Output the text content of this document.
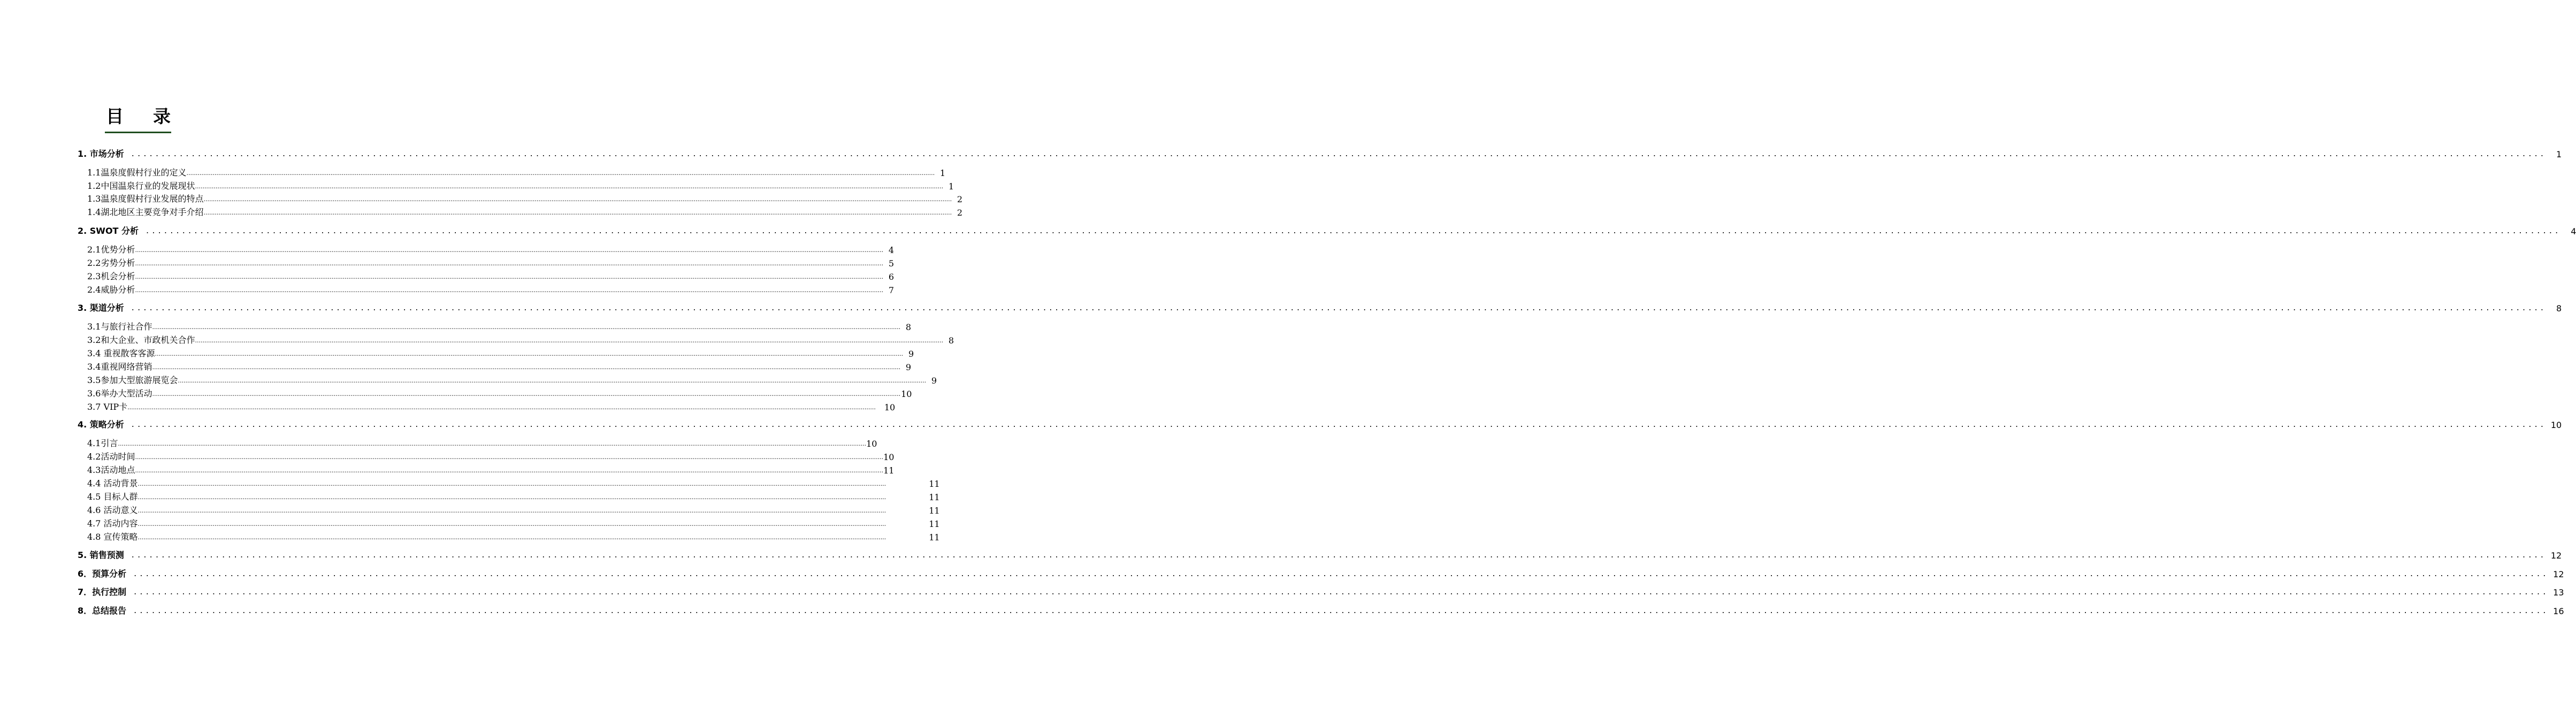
目 录
1. 市场分析 ................................................................................................................................................................................................................................................................................................................................................................................................................	1
1.1温泉度假村行业的定义 ................................................................................................................................................................................................................................................................................................................................................................................................................ 1
1.2中国温泉行业的发展现状 ................................................................................................................................................................................................................................................................................................................................................................................................................ 1
1.3温泉度假村行业发展的特点 ................................................................................................................................................................................................................................................................................................................................................................................................................ 2
1.4湖北地区主要竞争对手介绍 ................................................................................................................................................................................................................................................................................................................................................................................................................ 2
2. SWOT 分析 ................................................................................................................................................................................................................................................................................................................................................................................................................	4
2.1优势分析 ................................................................................................................................................................................................................................................................................................................................................................................................................ 4
2.2劣势分析 ................................................................................................................................................................................................................................................................................................................................................................................................................ 5
2.3机会分析 ................................................................................................................................................................................................................................................................................................................................................................................................................ 6
2.4威胁分析 ................................................................................................................................................................................................................................................................................................................................................................................................................ 7
3. 渠道分析 ................................................................................................................................................................................................................................................................................................................................................................................................................	8
3.1与旅行社合作 ................................................................................................................................................................................................................................................................................................................................................................................................................ 8
3.2和大企业、市政机关合作 ................................................................................................................................................................................................................................................................................................................................................................................................................ 8
3.4 重视散客客源 ................................................................................................................................................................................................................................................................................................................................................................................................................ 9
3.4重视网络营销 ................................................................................................................................................................................................................................................................................................................................................................................................................ 9
3.5参加大型旅游展览会 ................................................................................................................................................................................................................................................................................................................................................................................................................ 9
3.6举办大型活动 ................................................................................................................................................................................................................................................................................................................................................................................................................ 10
3.7 VIP卡 ................................................................................................................................................................................................................................................................................................................................................................................................................ 10
4. 策略分析 ................................................................................................................................................................................................................................................................................................................................................................................................................ 10
4.1引言 ................................................................................................................................................................................................................................................................................................................................................................................................................ 10
4.2活动时间 ................................................................................................................................................................................................................................................................................................................................................................................................................ 10
4.3活动地点 ................................................................................................................................................................................................................................................................................................................................................................................................................ 11
4.4 活动背景 ................................................................................................................................................................................................................................................................................................................................................................................................................	11
4.5 目标人群 ................................................................................................................................................................................................................................................................................................................................................................................................................	11
4.6 活动意义 ................................................................................................................................................................................................................................................................................................................................................................................................................	11
4.7 活动内容 ................................................................................................................................................................................................................................................................................................................................................................................................................	11
4.8 宣传策略 ................................................................................................................................................................................................................................................................................................................................................................................................................	11
5. 销售预测 ................................................................................................................................................................................................................................................................................................................................................................................................................ 12
6．预算分析 ................................................................................................................................................................................................................................................................................................................................................................................................................ 12
7．执行控制 ................................................................................................................................................................................................................................................................................................................................................................................................................ 13
8．总结报告 ................................................................................................................................................................................................................................................................................................................................................................................................................ 16
